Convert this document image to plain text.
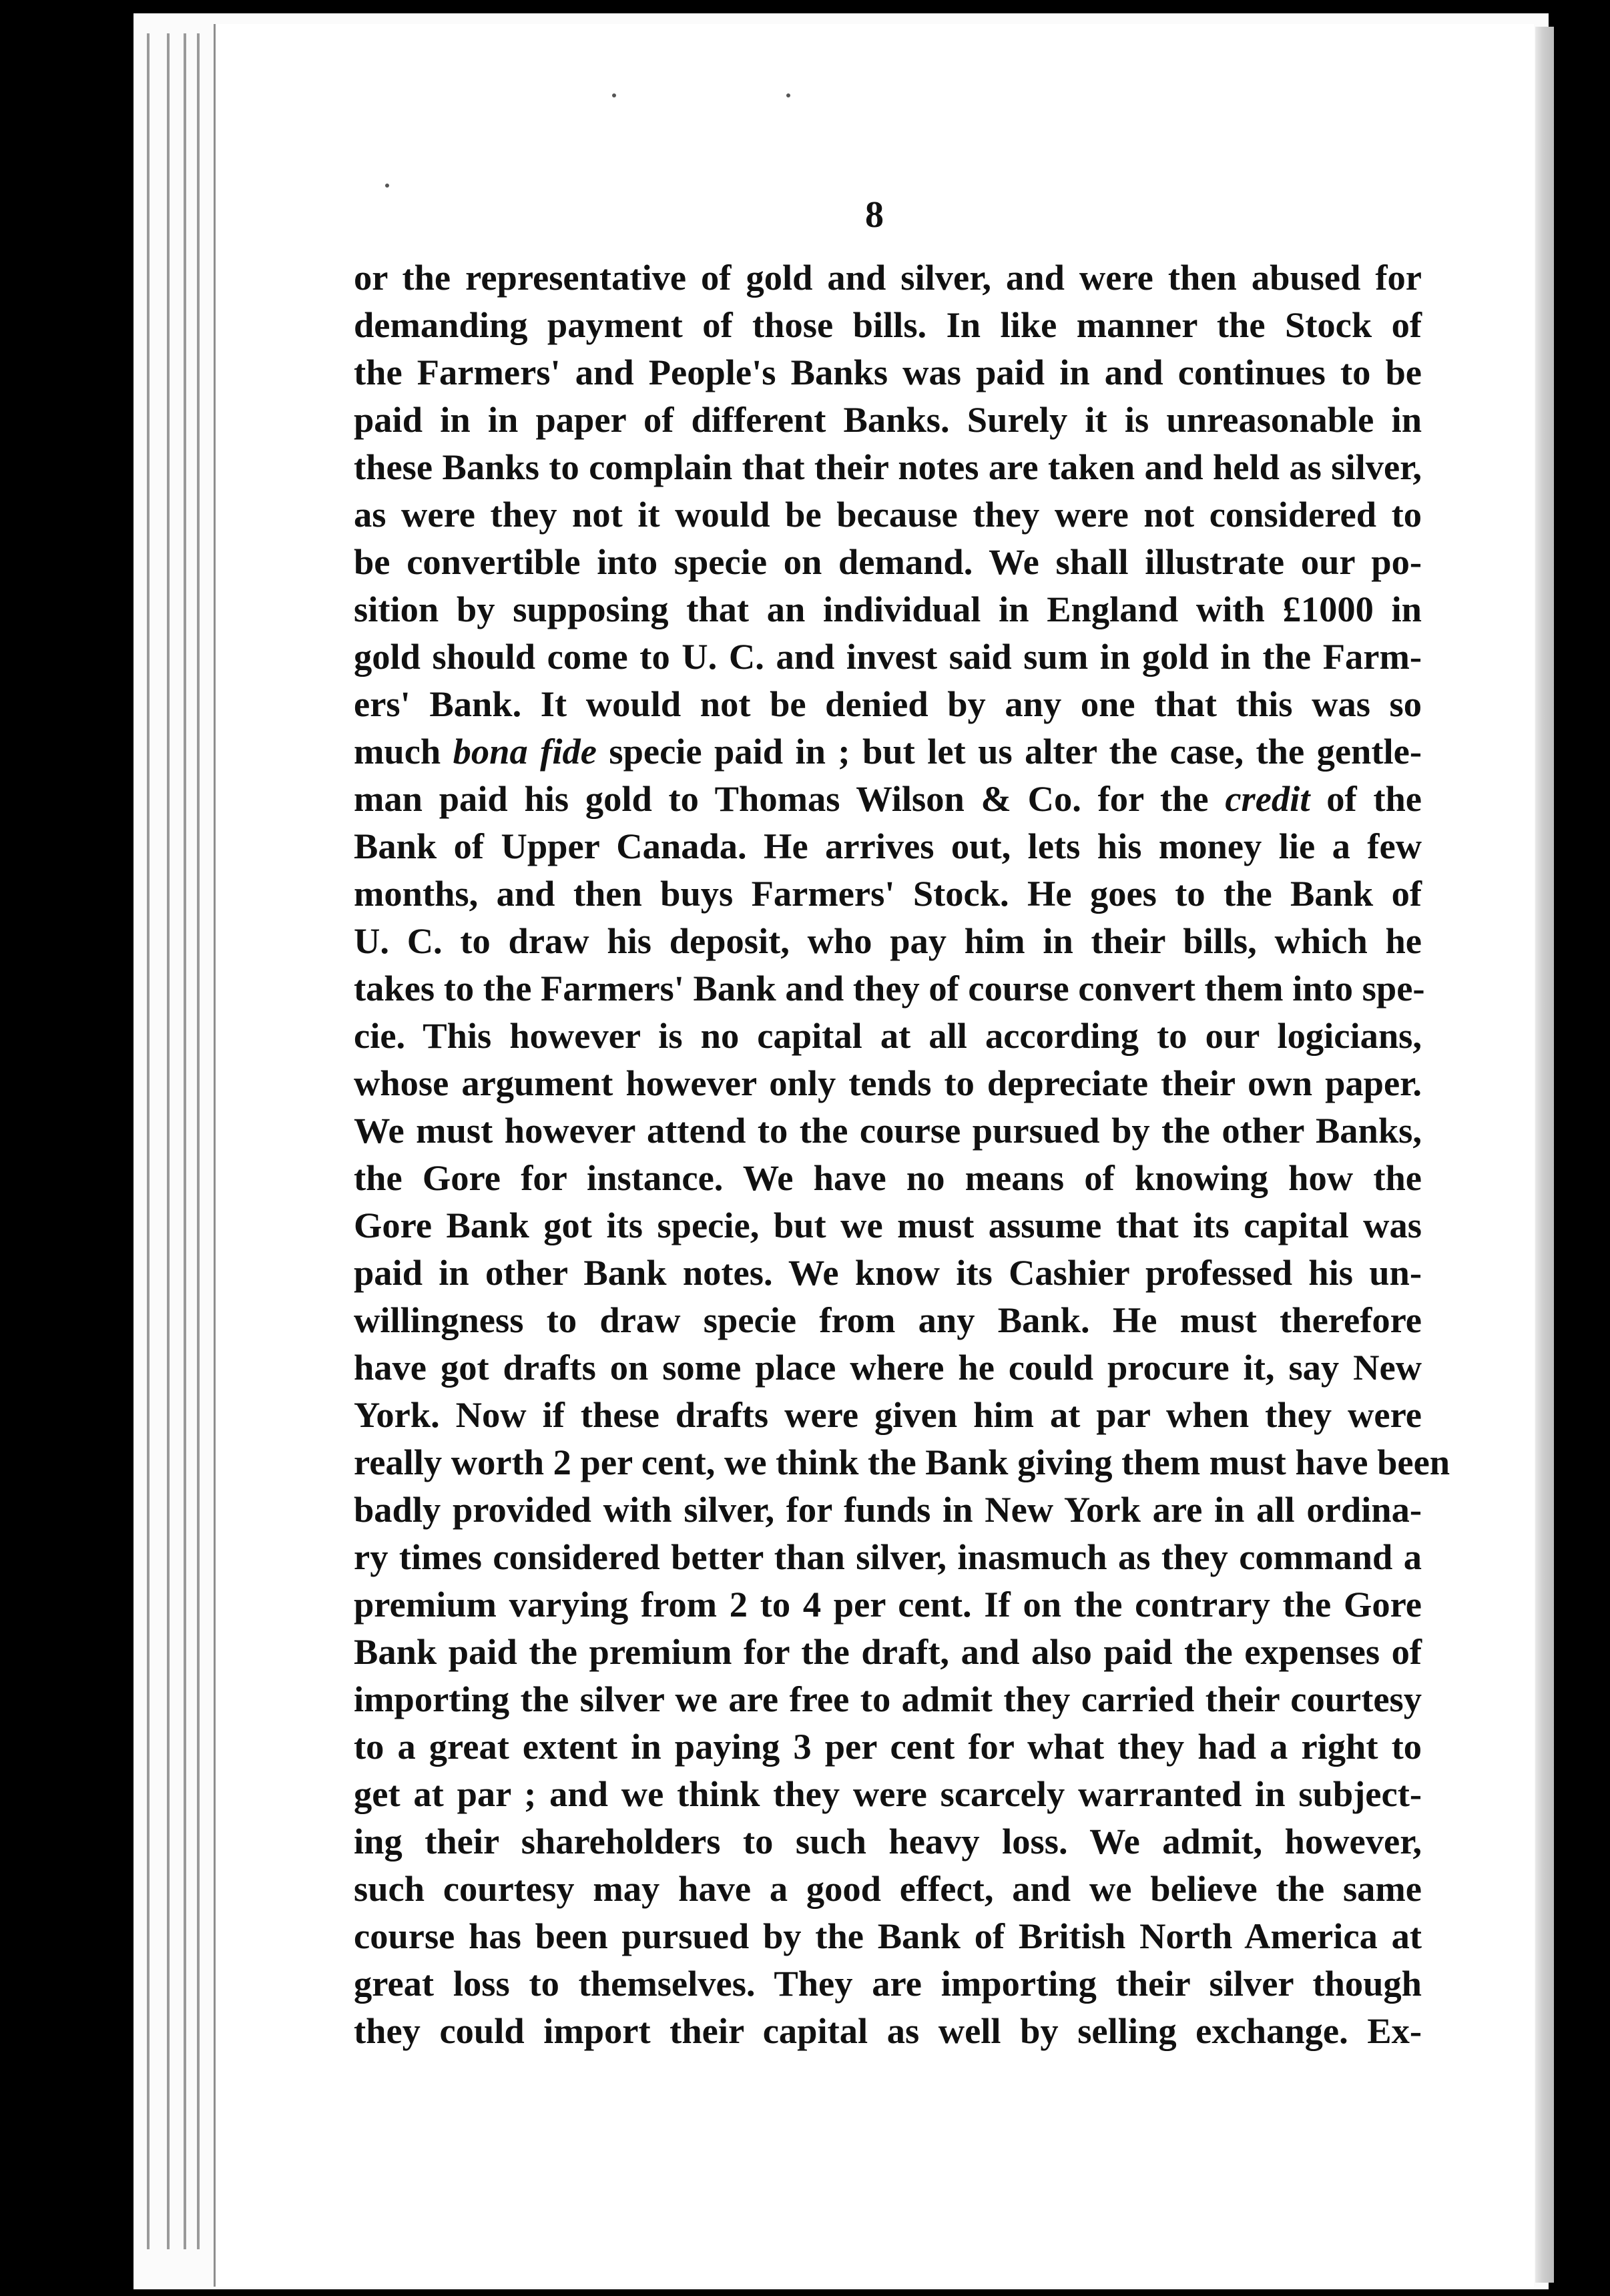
8
or the representative of gold and silver, and were then abused for
demanding payment of those bills. In like manner the Stock of
the Farmers' and People's Banks was paid in and continues to be
paid in in paper of different Banks. Surely it is unreasonable in
these Banks to complain that their notes are taken and held as silver,
as were they not it would be because they were not considered to
be convertible into specie on demand. We shall illustrate our po-
sition by supposing that an individual in England with £1000 in
gold should come to U. C. and invest said sum in gold in the Farm-
ers' Bank. It would not be denied by any one that this was so
much bona fide specie paid in ; but let us alter the case, the gentle-
man paid his gold to Thomas Wilson & Co. for the credit of the
Bank of Upper Canada. He arrives out, lets his money lie a few
months, and then buys Farmers' Stock. He goes to the Bank of
U. C. to draw his deposit, who pay him in their bills, which he
takes to the Farmers' Bank and they of course convert them into spe-
cie. This however is no capital at all according to our logicians,
whose argument however only tends to depreciate their own paper.
We must however attend to the course pursued by the other Banks,
the Gore for instance. We have no means of knowing how the
Gore Bank got its specie, but we must assume that its capital was
paid in other Bank notes. We know its Cashier professed his un-
willingness to draw specie from any Bank. He must therefore
have got drafts on some place where he could procure it, say New
York. Now if these drafts were given him at par when they were
really worth 2 per cent, we think the Bank giving them must have been
badly provided with silver, for funds in New York are in all ordina-
ry times considered better than silver, inasmuch as they command a
premium varying from 2 to 4 per cent. If on the contrary the Gore
Bank paid the premium for the draft, and also paid the expenses of
importing the silver we are free to admit they carried their courtesy
to a great extent in paying 3 per cent for what they had a right to
get at par ; and we think they were scarcely warranted in subject-
ing their shareholders to such heavy loss. We admit, however,
such courtesy may have a good effect, and we believe the same
course has been pursued by the Bank of British North America at
great loss to themselves. They are importing their silver though
they could import their capital as well by selling exchange. Ex-
